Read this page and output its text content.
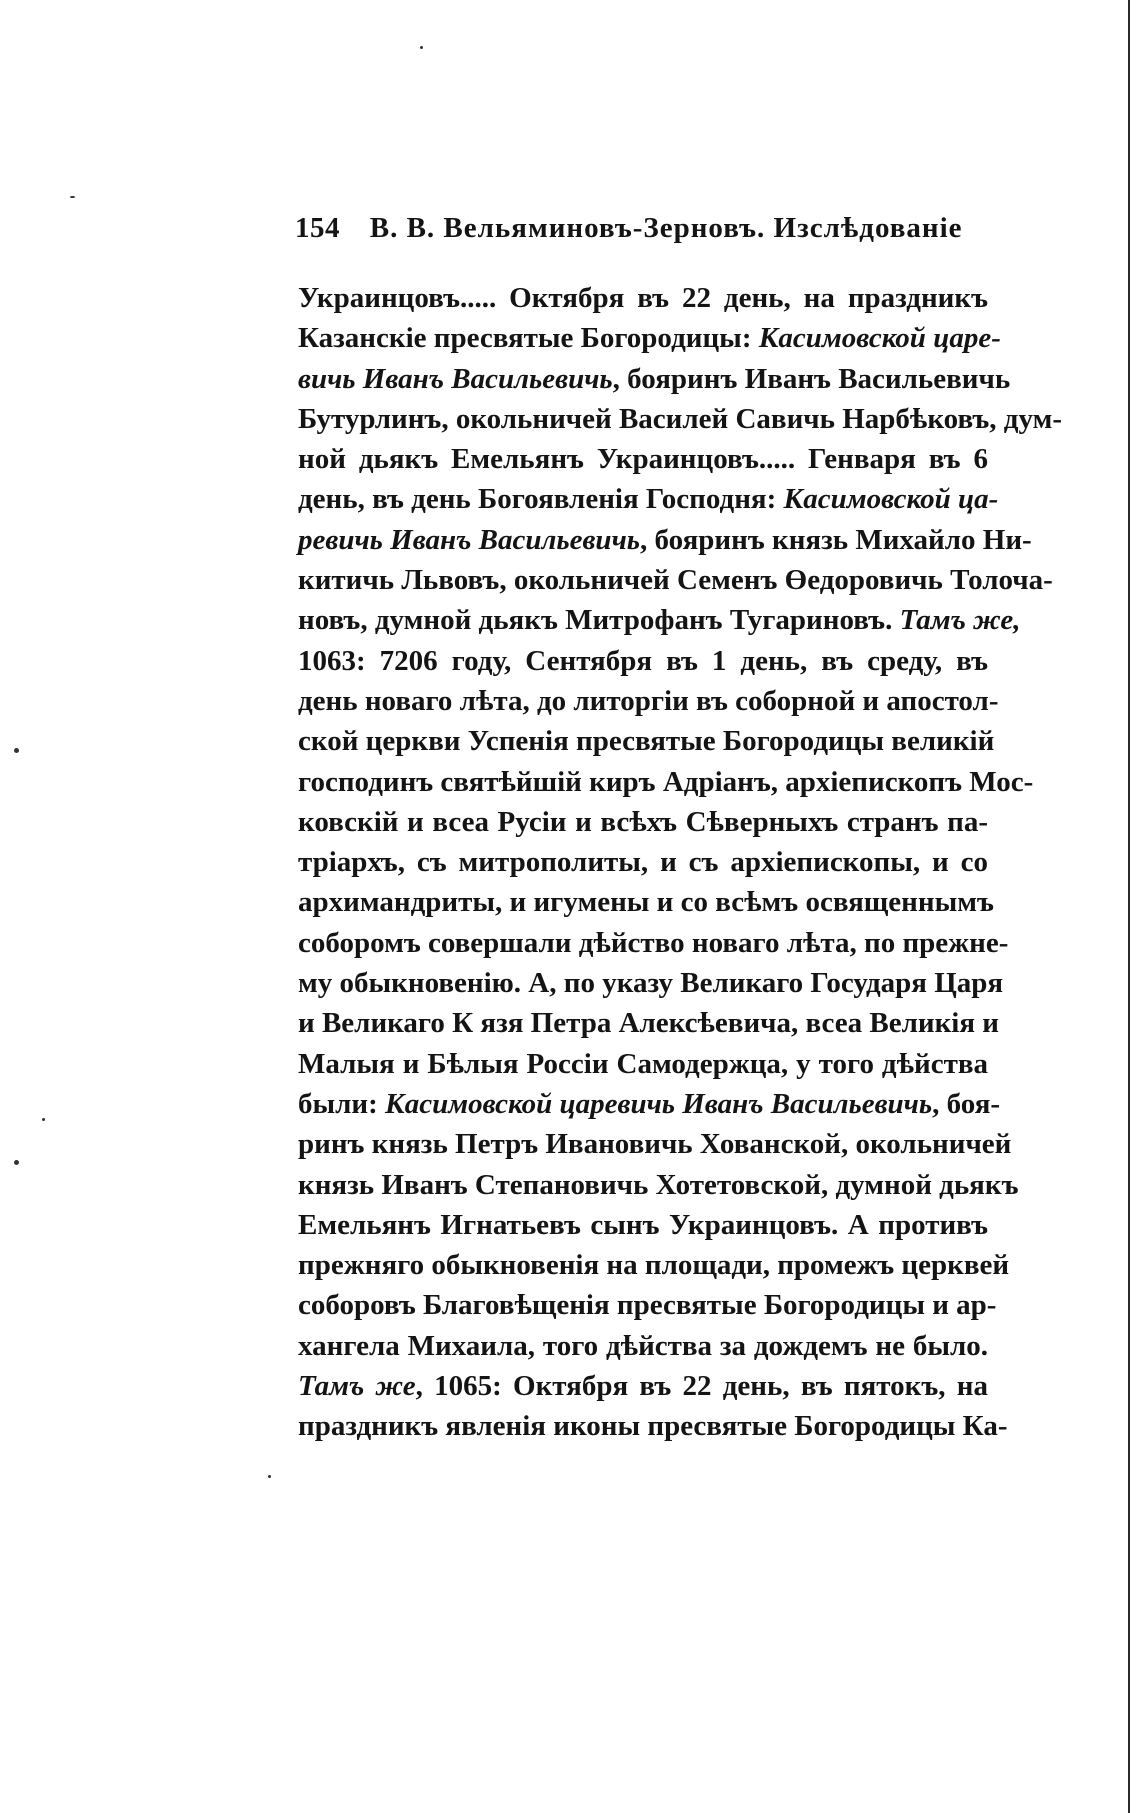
154 В. В. Вельяминовъ-Зерновъ. Изслѣдованіе
Украинцовъ..... Октября въ 22 день, на праздникъ
Казанскіе пресвятые Богородицы: Касимовской царе-
вичь Иванъ Васильевичь, бояринъ Иванъ Васильевичь
Бутурлинъ, окольничей Василей Савичь Нарбѣковъ, дум-
ной дьякъ Емельянъ Украинцовъ..... Генваря въ 6
день, въ день Богоявленія Господня: Касимовской ца-
ревичь Иванъ Васильевичь, бояринъ князь Михайло Ни-
китичь Львовъ, окольничей Семенъ Өедоровичь Толоча-
новъ, думной дьякъ Митрофанъ Тугариновъ. Тамъ же,
1063: 7206 году, Сентября въ 1 день, въ среду, въ
день новаго лѣта, до литоргіи въ соборной и апостол-
ской церкви Успенія пресвятые Богородицы великій
господинъ святѣйшій киръ Адріанъ, архіепископъ Мос-
ковскій и всеа Русіи и всѣхъ Сѣверныхъ странъ па-
тріархъ, съ митрополиты, и съ архіепископы, и со
архимандриты, и игумены и со всѣмъ освященнымъ
соборомъ совершали дѣйство новаго лѣта, по прежне-
му обыкновенію. А, по указу Великаго Государя Царя
и Великаго К язя Петра Алексѣевича, всеа Великія и
Малыя и Бѣлыя Россіи Самодержца, у того дѣйства
были: Касимовской царевичь Иванъ Васильевичь, боя-
ринъ князь Петръ Ивановичь Хованской, окольничей
князь Иванъ Степановичь Хотетовской, думной дьякъ
Емельянъ Игнатьевъ сынъ Украинцовъ. А противъ
прежняго обыкновенія на площади, промежъ церквей
соборовъ Благовѣщенія пресвятые Богородицы и ар-
хангела Михаила, того дѣйства за дождемъ не было.
Тамъ же, 1065: Октября въ 22 день, въ пятокъ, на
праздникъ явленія иконы пресвятые Богородицы Ка-
